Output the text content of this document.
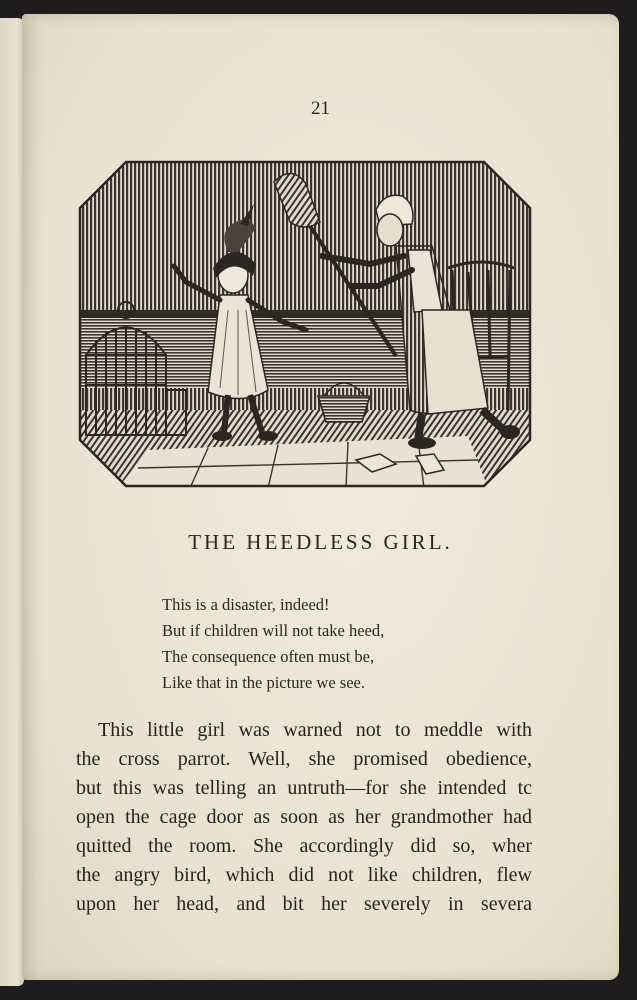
21
THE HEEDLESS GIRL.
This is a disaster, indeed!
But if children will not take heed,
The consequence often must be,
Like that in the picture we see.
This little girl was warned not to meddle with
the cross parrot. Well, she promised obedience,
but this was telling an untruth—for she intended tc
open the cage door as soon as her grandmother had
quitted the room. She accordingly did so, wher
the angry bird, which did not like children, flew
upon her head, and bit her severely in severa
